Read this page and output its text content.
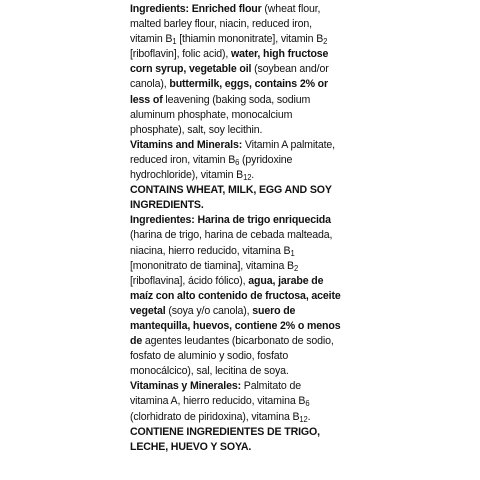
Ingredients: Enriched flour (wheat flour, malted barley flour, niacin, reduced iron, vitamin $B_1$ [thiamin mononitrate], vitamin $B_2$ [riboflavin], folic acid), water, high fructose corn syrup, vegetable oil (soybean and/or canola), buttermilk, eggs, contains 2% or less of leavening (baking soda, sodium aluminum phosphate, monocalcium phosphate), salt, soy lecithin.

Vitamins and Minerals: Vitamin A palmitate, reduced iron, vitamin $B_6$ (pyridoxine hydrochloride), vitamin $B_{12}$.

CONTAINS WHEAT, MILK, EGG AND SOY INGREDIENTS.

Ingredientes: Harina de trigo enriquecida (harina de trigo, harina de cebada malteada, niacina, hierro reducido, vitamina $B_1$ [mononitrato de tiamina], vitamina $B_2$ [riboflavina], ácido fólico), agua, jarabe de maíz con alto contenido de fructosa, aceite vegetal (soya y/o canola), suero de mantequilla, huevos, contiene 2% o menos de agentes leudantes (bicarbonato de sodio, fosfato de aluminio y sodio, fosfato monocálcico), sal, lecitina de soya.

Vitaminas y Minerales: Palmitato de vitamina A, hierro reducido, vitamina $B_6$ (clorhidrato de piridoxina), vitamina $B_{12}$.

CONTIENE INGREDIENTES DE TRIGO, LECHE, HUEVO Y SOYA.
